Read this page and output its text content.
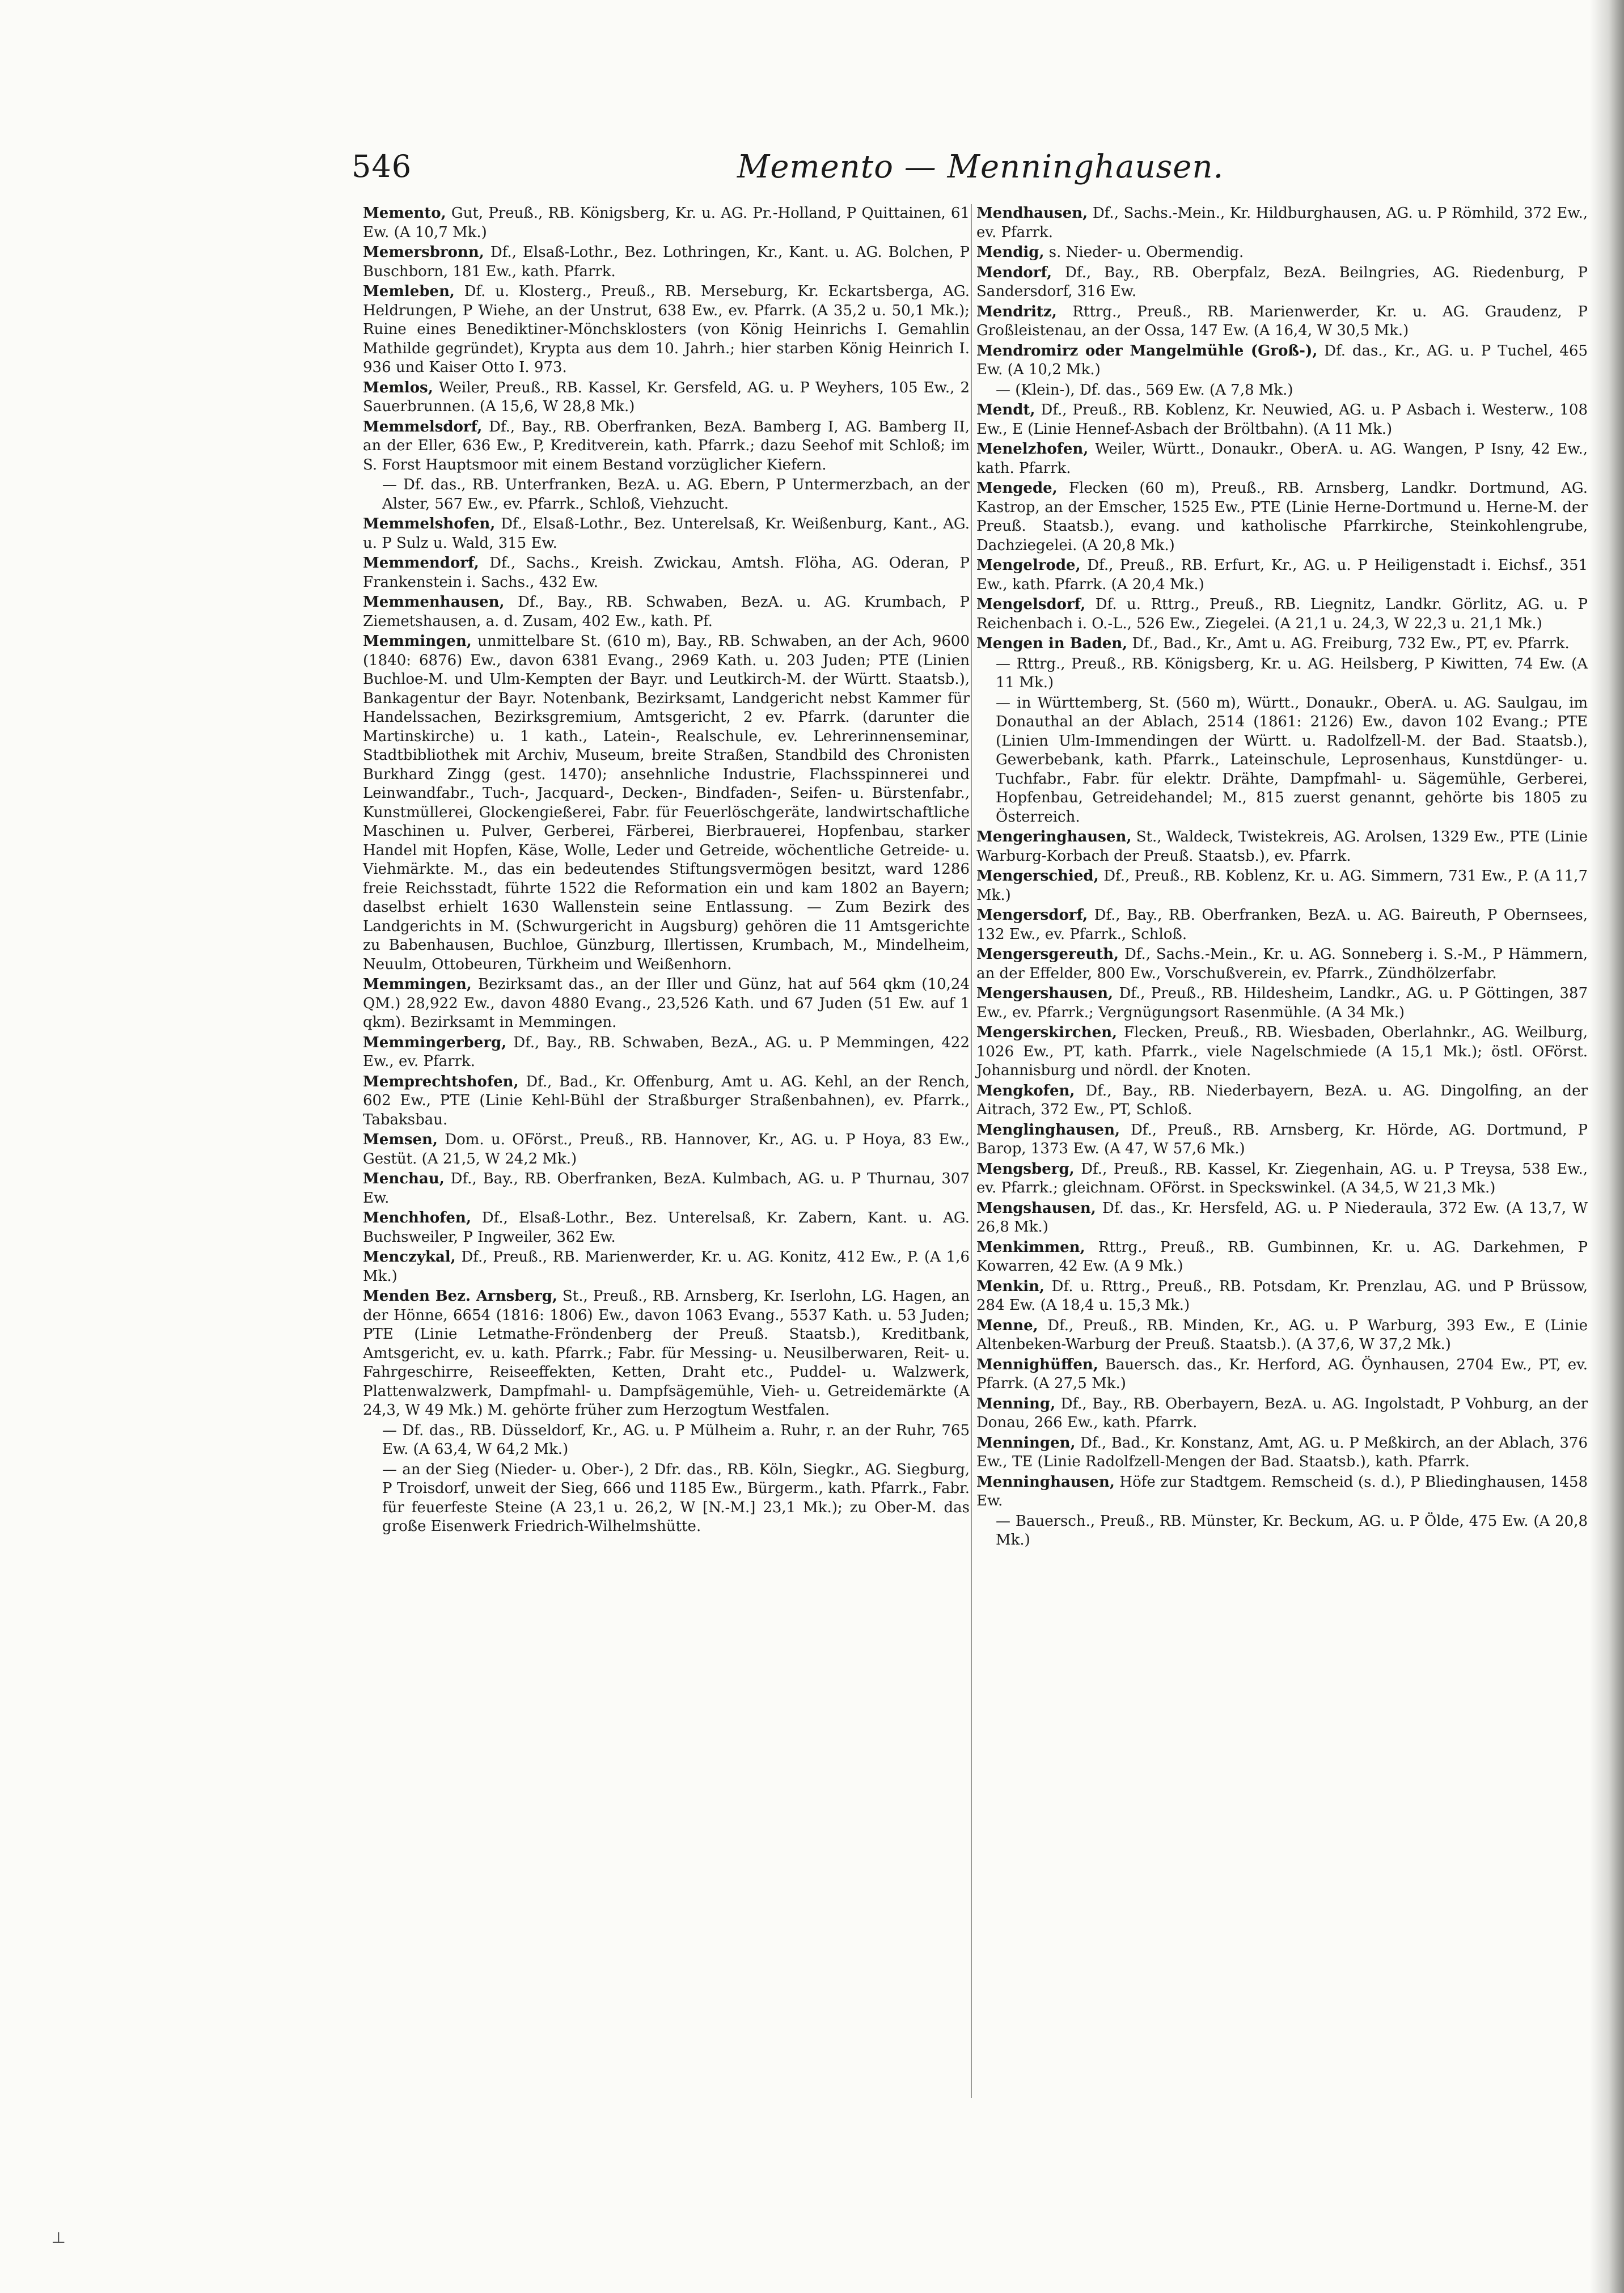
546	Memento — Menninghausen.

Memento, Gut, Preuß., RB. Königsberg, Kr. u. AG. Pr.-Holland, P Quittainen, 61 Ew. (A 10,7 Mk.)

Memersbronn, Df., Elsaß-Lothr., Bez. Lothringen, Kr., Kant. u. AG. Bolchen, P Buschborn, 181 Ew., kath. Pfarrk.

Memleben, Df. u. Klosterg., Preuß., RB. Merseburg, Kr. Eckartsberga, AG. Heldrungen, P Wiehe, an der Unstrut, 638 Ew., ev. Pfarrk. (A 35,2 u. 50,1 Mk.); Ruine eines Benediktiner-Mönchsklosters (von König Heinrichs I. Gemahlin Mathilde gegründet), Krypta aus dem 10. Jahrh.; hier starben König Heinrich I. 936 und Kaiser Otto I. 973.

Memlos, Weiler, Preuß., RB. Kassel, Kr. Gersfeld, AG. u. P Weyhers, 105 Ew., 2 Sauerbrunnen. (A 15,6, W 28,8 Mk.)

Memmelsdorf, Df., Bay., RB. Oberfranken, BezA. Bamberg I, AG. Bamberg II, an der Eller, 636 Ew., P, Kreditverein, kath. Pfarrk.; dazu Seehof mit Schloß; im S. Forst Hauptsmoor mit einem Bestand vorzüglicher Kiefern.

— Df. das., RB. Unterfranken, BezA. u. AG. Ebern, P Untermerzbach, an der Alster, 567 Ew., ev. Pfarrk., Schloß, Viehzucht.

Memmelshofen, Df., Elsaß-Lothr., Bez. Unterelsaß, Kr. Weißenburg, Kant., AG. u. P Sulz u. Wald, 315 Ew.

Memmendorf, Df., Sachs., Kreish. Zwickau, Amtsh. Flöha, AG. Oderan, P Frankenstein i. Sachs., 432 Ew.

Memmenhausen, Df., Bay., RB. Schwaben, BezA. u. AG. Krumbach, P Ziemetshausen, a. d. Zusam, 402 Ew., kath. Pf.

Memmingen, unmittelbare St. (610 m), Bay., RB. Schwaben, an der Ach, 9600 (1840: 6876) Ew., davon 6381 Evang., 2969 Kath. u. 203 Juden; PTE (Linien Buchloe-M. und Ulm-Kempten der Bayr. und Leutkirch-M. der Württ. Staatsb.), Bankagentur der Bayr. Notenbank, Bezirksamt, Landgericht nebst Kammer für Handelssachen, Bezirksgremium, Amtsgericht, 2 ev. Pfarrk. (darunter die Martinskirche) u. 1 kath., Latein-, Realschule, ev. Lehrerinnenseminar, Stadtbibliothek mit Archiv, Museum, breite Straßen, Standbild des Chronisten Burkhard Zingg (gest. 1470); ansehnliche Industrie, Flachsspinnerei und Leinwandfabr., Tuch-, Jacquard-, Decken-, Bindfaden-, Seifen- u. Bürstenfabr., Kunstmüllerei, Glockengießerei, Fabr. für Feuerlöschgeräte, landwirtschaftliche Maschinen u. Pulver, Gerberei, Färberei, Bierbrauerei, Hopfenbau, starker Handel mit Hopfen, Käse, Wolle, Leder und Getreide, wöchentliche Getreide- u. Viehmärkte. M., das ein bedeutendes Stiftungsvermögen besitzt, ward 1286 freie Reichsstadt, führte 1522 die Reformation ein und kam 1802 an Bayern; daselbst erhielt 1630 Wallenstein seine Entlassung. — Zum Bezirk des Landgerichts in M. (Schwurgericht in Augsburg) gehören die 11 Amtsgerichte zu Babenhausen, Buchloe, Günzburg, Illertissen, Krumbach, M., Mindelheim, Neuulm, Ottobeuren, Türkheim und Weißenhorn.

Memmingen, Bezirksamt das., an der Iller und Günz, hat auf 564 qkm (10,24 QM.) 28,922 Ew., davon 4880 Evang., 23,526 Kath. und 67 Juden (51 Ew. auf 1 qkm). Bezirksamt in Memmingen.

Memmingerberg, Df., Bay., RB. Schwaben, BezA., AG. u. P Memmingen, 422 Ew., ev. Pfarrk.

Memprechtshofen, Df., Bad., Kr. Offenburg, Amt u. AG. Kehl, an der Rench, 602 Ew., PTE (Linie Kehl-Bühl der Straßburger Straßenbahnen), ev. Pfarrk., Tabaksbau.

Memsen, Dom. u. OFörst., Preuß., RB. Hannover, Kr., AG. u. P Hoya, 83 Ew., Gestüt. (A 21,5, W 24,2 Mk.)

Menchau, Df., Bay., RB. Oberfranken, BezA. Kulmbach, AG. u. P Thurnau, 307 Ew.

Menchhofen, Df., Elsaß-Lothr., Bez. Unterelsaß, Kr. Zabern, Kant. u. AG. Buchsweiler, P Ingweiler, 362 Ew.

Menczykal, Df., Preuß., RB. Marienwerder, Kr. u. AG. Konitz, 412 Ew., P. (A 1,6 Mk.)

Menden Bez. Arnsberg, St., Preuß., RB. Arnsberg, Kr. Iserlohn, LG. Hagen, an der Hönne, 6654 (1816: 1806) Ew., davon 1063 Evang., 5537 Kath. u. 53 Juden; PTE (Linie Letmathe-Fröndenberg der Preuß. Staatsb.), Kreditbank, Amtsgericht, ev. u. kath. Pfarrk.; Fabr. für Messing- u. Neusilberwaren, Reit- u. Fahrgeschirre, Reiseeffekten, Ketten, Draht etc., Puddel- u. Walzwerk, Plattenwalzwerk, Dampfmahl- u. Dampfsägemühle, Vieh- u. Getreidemärkte (A 24,3, W 49 Mk.) M. gehörte früher zum Herzogtum Westfalen.

— Df. das., RB. Düsseldorf, Kr., AG. u. P Mülheim a. Ruhr, r. an der Ruhr, 765 Ew. (A 63,4, W 64,2 Mk.)

— an der Sieg (Nieder- u. Ober-), 2 Dfr. das., RB. Köln, Siegkr., AG. Siegburg, P Troisdorf, unweit der Sieg, 666 und 1185 Ew., Bürgerm., kath. Pfarrk., Fabr. für feuerfeste Steine (A 23,1 u. 26,2, W [N.-M.] 23,1 Mk.); zu Ober-M. das große Eisenwerk Friedrich-Wilhelmshütte.

Mendhausen, Df., Sachs.-Mein., Kr. Hildburghausen, AG. u. P Römhild, 372 Ew., ev. Pfarrk.

Mendig, s. Nieder- u. Obermendig.

Mendorf, Df., Bay., RB. Oberpfalz, BezA. Beilngries, AG. Riedenburg, P Sandersdorf, 316 Ew.

Mendritz, Rttrg., Preuß., RB. Marienwerder, Kr. u. AG. Graudenz, P Großleistenau, an der Ossa, 147 Ew. (A 16,4, W 30,5 Mk.)

Mendromirz oder Mangelmühle (Groß-), Df. das., Kr., AG. u. P Tuchel, 465 Ew. (A 10,2 Mk.)

— (Klein-), Df. das., 569 Ew. (A 7,8 Mk.)

Mendt, Df., Preuß., RB. Koblenz, Kr. Neuwied, AG. u. P Asbach i. Westerw., 108 Ew., E (Linie Hennef-Asbach der Bröltbahn). (A 11 Mk.)

Menelzhofen, Weiler, Württ., Donaukr., OberA. u. AG. Wangen, P Isny, 42 Ew., kath. Pfarrk.

Mengede, Flecken (60 m), Preuß., RB. Arnsberg, Landkr. Dortmund, AG. Kastrop, an der Emscher, 1525 Ew., PTE (Linie Herne-Dortmund u. Herne-M. der Preuß. Staatsb.), evang. und katholische Pfarrkirche, Steinkohlengrube, Dachziegelei. (A 20,8 Mk.)

Mengelrode, Df., Preuß., RB. Erfurt, Kr., AG. u. P Heiligenstadt i. Eichsf., 351 Ew., kath. Pfarrk. (A 20,4 Mk.)

Mengelsdorf, Df. u. Rttrg., Preuß., RB. Liegnitz, Landkr. Görlitz, AG. u. P Reichenbach i. O.-L., 526 Ew., Ziegelei. (A 21,1 u. 24,3, W 22,3 u. 21,1 Mk.)

Mengen in Baden, Df., Bad., Kr., Amt u. AG. Freiburg, 732 Ew., PT, ev. Pfarrk.

— Rttrg., Preuß., RB. Königsberg, Kr. u. AG. Heilsberg, P Kiwitten, 74 Ew. (A 11 Mk.)

— in Württemberg, St. (560 m), Württ., Donaukr., OberA. u. AG. Saulgau, im Donauthal an der Ablach, 2514 (1861: 2126) Ew., davon 102 Evang.; PTE (Linien Ulm-Immendingen der Württ. u. Radolfzell-M. der Bad. Staatsb.), Gewerbebank, kath. Pfarrk., Lateinschule, Leprosenhaus, Kunstdünger- u. Tuchfabr., Fabr. für elektr. Drähte, Dampfmahl- u. Sägemühle, Gerberei, Hopfenbau, Getreidehandel; M., 815 zuerst genannt, gehörte bis 1805 zu Österreich.

Mengeringhausen, St., Waldeck, Twistekreis, AG. Arolsen, 1329 Ew., PTE (Linie Warburg-Korbach der Preuß. Staatsb.), ev. Pfarrk.

Mengerschied, Df., Preuß., RB. Koblenz, Kr. u. AG. Simmern, 731 Ew., P. (A 11,7 Mk.)

Mengersdorf, Df., Bay., RB. Oberfranken, BezA. u. AG. Baireuth, P Obernsees, 132 Ew., ev. Pfarrk., Schloß.

Mengersgereuth, Df., Sachs.-Mein., Kr. u. AG. Sonneberg i. S.-M., P Hämmern, an der Effelder, 800 Ew., Vorschußverein, ev. Pfarrk., Zündhölzerfabr.

Mengershausen, Df., Preuß., RB. Hildesheim, Landkr., AG. u. P Göttingen, 387 Ew., ev. Pfarrk.; Vergnügungsort Rasenmühle. (A 34 Mk.)

Mengerskirchen, Flecken, Preuß., RB. Wiesbaden, Oberlahnkr., AG. Weilburg, 1026 Ew., PT, kath. Pfarrk., viele Nagelschmiede (A 15,1 Mk.); östl. OFörst. Johannisburg und nördl. der Knoten.

Mengkofen, Df., Bay., RB. Niederbayern, BezA. u. AG. Dingolfing, an der Aitrach, 372 Ew., PT, Schloß.

Menglinghausen, Df., Preuß., RB. Arnsberg, Kr. Hörde, AG. Dortmund, P Barop, 1373 Ew. (A 47, W 57,6 Mk.)

Mengsberg, Df., Preuß., RB. Kassel, Kr. Ziegenhain, AG. u. P Treysa, 538 Ew., ev. Pfarrk.; gleichnam. OFörst. in Speckswinkel. (A 34,5, W 21,3 Mk.)

Mengshausen, Df. das., Kr. Hersfeld, AG. u. P Niederaula, 372 Ew. (A 13,7, W 26,8 Mk.)

Menkimmen, Rttrg., Preuß., RB. Gumbinnen, Kr. u. AG. Darkehmen, P Kowarren, 42 Ew. (A 9 Mk.)

Menkin, Df. u. Rttrg., Preuß., RB. Potsdam, Kr. Prenzlau, AG. und P Brüssow, 284 Ew. (A 18,4 u. 15,3 Mk.)

Menne, Df., Preuß., RB. Minden, Kr., AG. u. P Warburg, 393 Ew., E (Linie Altenbeken-Warburg der Preuß. Staatsb.). (A 37,6, W 37,2 Mk.)

Mennighüffen, Bauersch. das., Kr. Herford, AG. Öynhausen, 2704 Ew., PT, ev. Pfarrk. (A 27,5 Mk.)

Menning, Df., Bay., RB. Oberbayern, BezA. u. AG. Ingolstadt, P Vohburg, an der Donau, 266 Ew., kath. Pfarrk.

Menningen, Df., Bad., Kr. Konstanz, Amt, AG. u. P Meßkirch, an der Ablach, 376 Ew., TE (Linie Radolfzell-Mengen der Bad. Staatsb.), kath. Pfarrk.

Menninghausen, Höfe zur Stadtgem. Remscheid (s. d.), P Bliedinghausen, 1458 Ew.

— Bauersch., Preuß., RB. Münster, Kr. Beckum, AG. u. P Ölde, 475 Ew. (A 20,8 Mk.)

⊥
